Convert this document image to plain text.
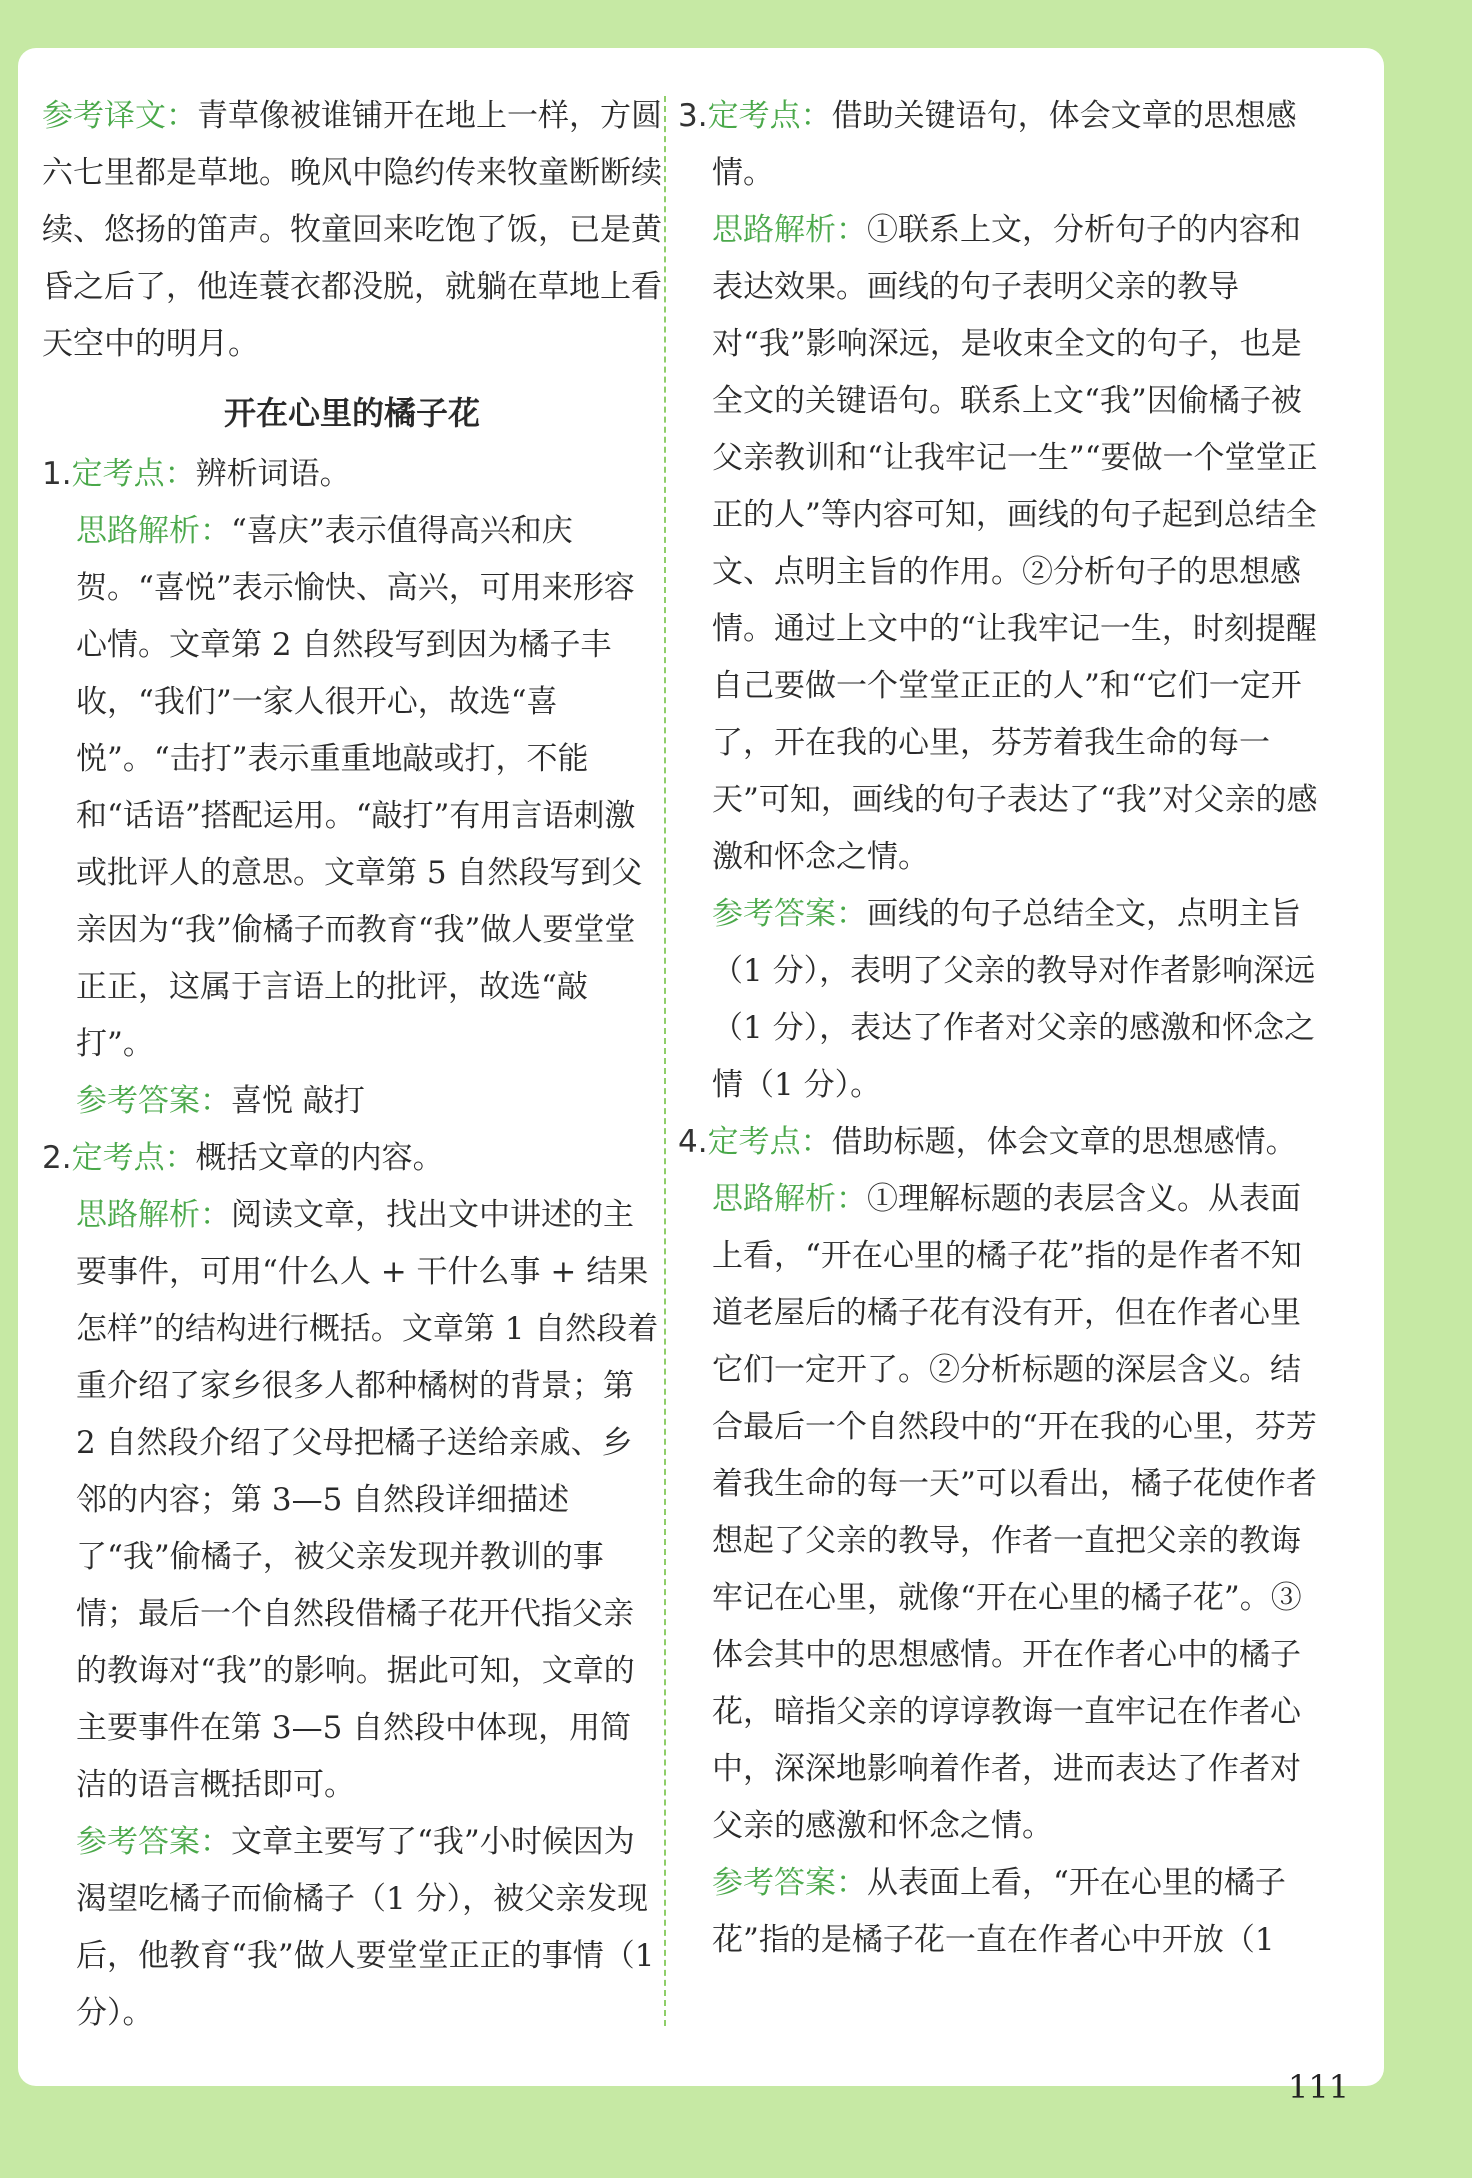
参考译文：青草像被谁铺开在地上一样，方圆六七里都是草地。晚风中隐约传来牧童断断续续、悠扬的笛声。牧童回来吃饱了饭，已是黄昏之后了，他连蓑衣都没脱，就躺在草地上看天空中的明月。

开在心里的橘子花

1.定考点：辨析词语。

思路解析：“喜庆”表示值得高兴和庆贺。“喜悦”表示愉快、高兴，可用来形容心情。文章第 2 自然段写到因为橘子丰收，“我们”一家人很开心，故选“喜悦”。“击打”表示重重地敲或打，不能和“话语”搭配运用。“敲打”有用言语刺激或批评人的意思。文章第 5 自然段写到父亲因为“我”偷橘子而教育“我”做人要堂堂正正，这属于言语上的批评，故选“敲打”。

参考答案：喜悦 敲打

2.定考点：概括文章的内容。

思路解析：阅读文章，找出文中讲述的主要事件，可用“什么人 + 干什么事 + 结果怎样”的结构进行概括。文章第 1 自然段着重介绍了家乡很多人都种橘树的背景；第 2 自然段介绍了父母把橘子送给亲戚、乡邻的内容；第 3—5 自然段详细描述了“我”偷橘子，被父亲发现并教训的事情；最后一个自然段借橘子花开代指父亲的教诲对“我”的影响。据此可知，文章的主要事件在第 3—5 自然段中体现，用简洁的语言概括即可。

参考答案：文章主要写了“我”小时候因为渴望吃橘子而偷橘子（1 分），被父亲发现后，他教育“我”做人要堂堂正正的事情（1 分）。

3.定考点：借助关键语句，体会文章的思想感情。

思路解析：①联系上文，分析句子的内容和表达效果。画线的句子表明父亲的教导对“我”影响深远，是收束全文的句子，也是全文的关键语句。联系上文“我”因偷橘子被父亲教训和“让我牢记一生”“要做一个堂堂正正的人”等内容可知，画线的句子起到总结全文、点明主旨的作用。②分析句子的思想感情。通过上文中的“让我牢记一生，时刻提醒自己要做一个堂堂正正的人”和“它们一定开了，开在我的心里，芬芳着我生命的每一天”可知，画线的句子表达了“我”对父亲的感激和怀念之情。

参考答案：画线的句子总结全文，点明主旨（1 分），表明了父亲的教导对作者影响深远（1 分），表达了作者对父亲的感激和怀念之情（1 分）。

4.定考点：借助标题，体会文章的思想感情。

思路解析：①理解标题的表层含义。从表面上看，“开在心里的橘子花”指的是作者不知道老屋后的橘子花有没有开，但在作者心里它们一定开了。②分析标题的深层含义。结合最后一个自然段中的“开在我的心里，芬芳着我生命的每一天”可以看出，橘子花使作者想起了父亲的教导，作者一直把父亲的教诲牢记在心里，就像“开在心里的橘子花”。③体会其中的思想感情。开在作者心中的橘子花，暗指父亲的谆谆教诲一直牢记在作者心中，深深地影响着作者，进而表达了作者对父亲的感激和怀念之情。

参考答案：从表面上看，“开在心里的橘子花”指的是橘子花一直在作者心中开放（1

111
